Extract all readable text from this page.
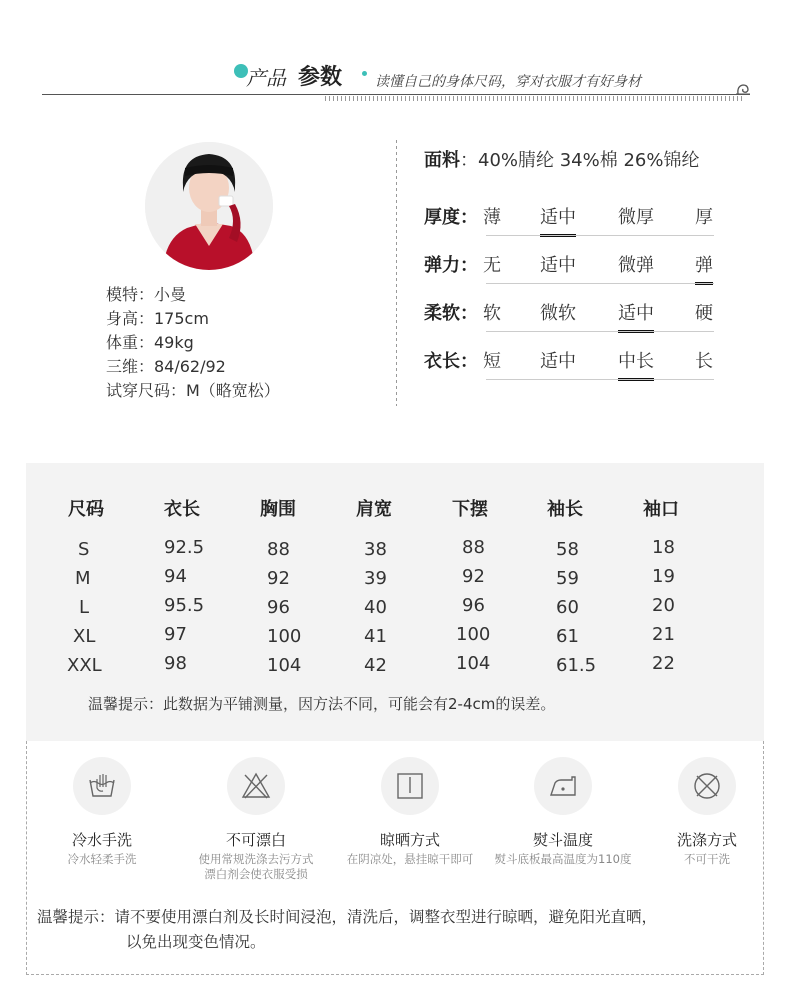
产品 参数 读懂自己的身体尺码，穿对衣服才有好身材
模特：小曼
身高：175cm
体重：49kg
三维：84/62/92
试穿尺码：M（略宽松）
面料：40%腈纶 34%棉 26%锦纶
厚度： 薄 适中 微厚 厚
弹力： 无 适中 微弹 弹
柔软： 软 微软 适中 硬
衣长： 短 适中 中长 长
尺码	衣长	胸围	肩宽	下摆	袖长	袖口
S	92.5	88	38	88	58	18
M	94	92	39	92	59	19
L	95.5	96	40	96	60	20
XL	97	100	41	100	61	21
XXL	98	104	42	104	61.5	22
温馨提示：此数据为平铺测量，因方法不同，可能会有2-4cm的误差。
冷水手洗
冷水轻柔手洗
不可漂白
使用常规洗涤去污方式
漂白剂会使衣服受损
晾晒方式
在阴凉处，悬挂晾干即可
熨斗温度
熨斗底板最高温度为110度
洗涤方式
不可干洗
温馨提示：请不要使用漂白剂及长时间浸泡，清洗后，调整衣型进行晾晒，避免阳光直晒，
以免出现变色情况。
